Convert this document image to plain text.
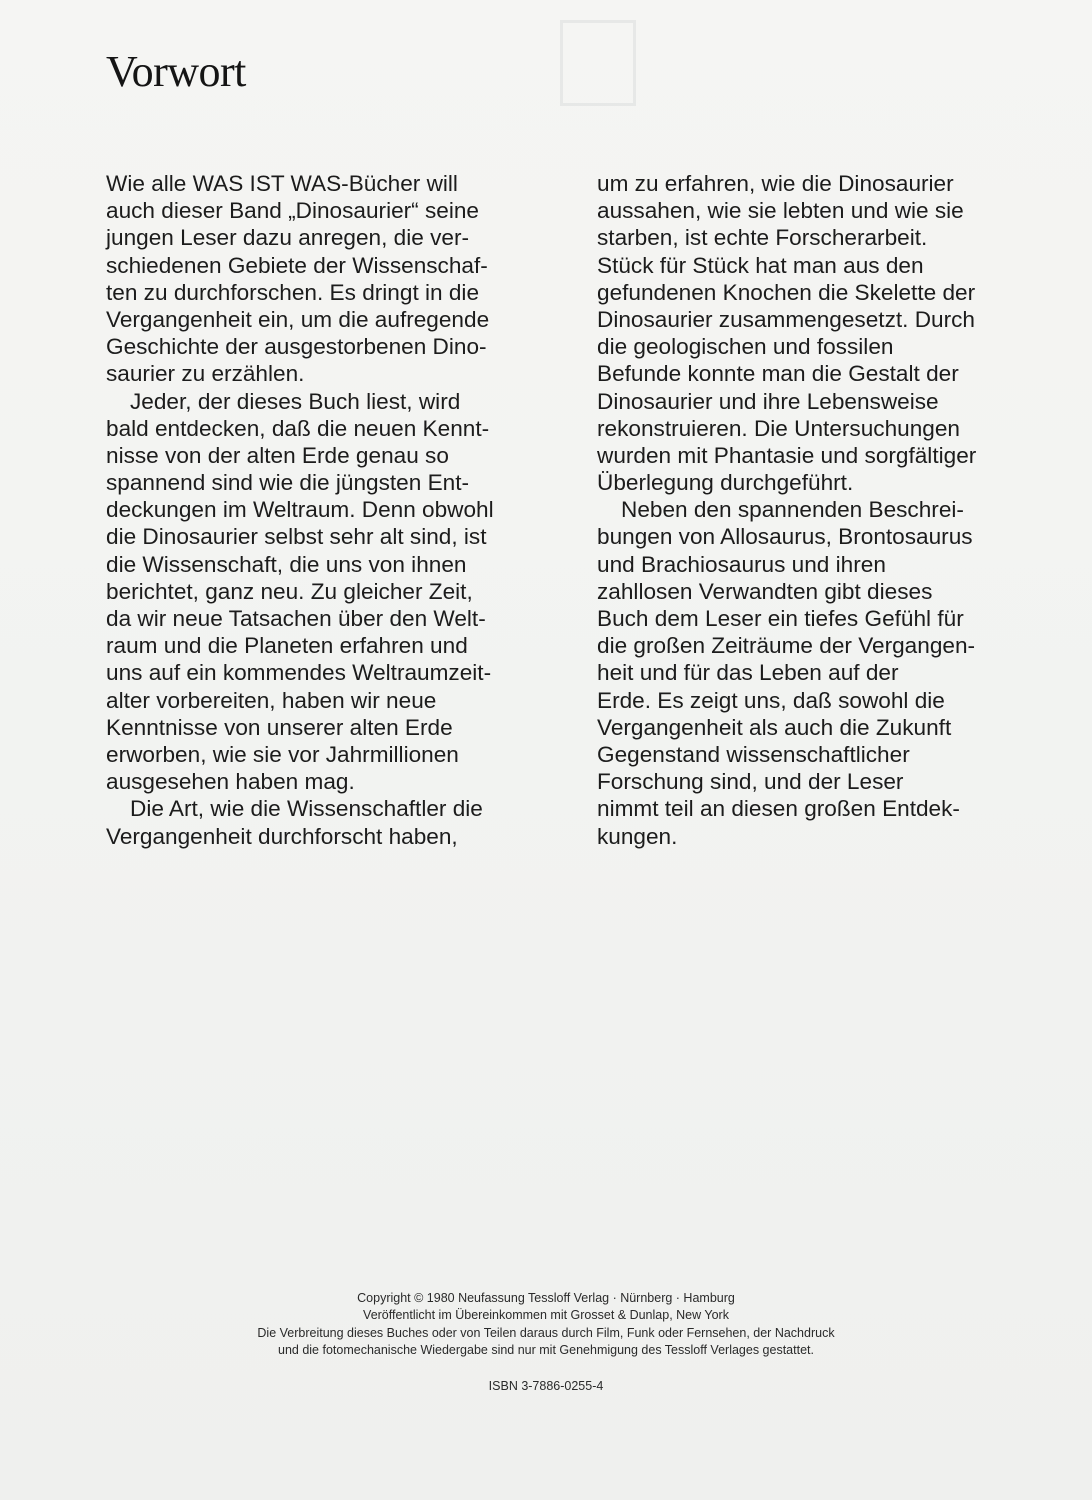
Vorwort
Wie alle WAS IST WAS-Bücher will
auch dieser Band „Dinosaurier“ seine
jungen Leser dazu anregen, die ver-
schiedenen Gebiete der Wissenschaf-
ten zu durchforschen. Es dringt in die
Vergangenheit ein, um die aufregende
Geschichte der ausgestorbenen Dino-
saurier zu erzählen.
Jeder, der dieses Buch liest, wird
bald entdecken, daß die neuen Kennt-
nisse von der alten Erde genau so
spannend sind wie die jüngsten Ent-
deckungen im Weltraum. Denn obwohl
die Dinosaurier selbst sehr alt sind, ist
die Wissenschaft, die uns von ihnen
berichtet, ganz neu. Zu gleicher Zeit,
da wir neue Tatsachen über den Welt-
raum und die Planeten erfahren und
uns auf ein kommendes Weltraumzeit-
alter vorbereiten, haben wir neue
Kenntnisse von unserer alten Erde
erworben, wie sie vor Jahrmillionen
ausgesehen haben mag.
Die Art, wie die Wissenschaftler die
Vergangenheit durchforscht haben,
um zu erfahren, wie die Dinosaurier
aussahen, wie sie lebten und wie sie
starben, ist echte Forscherarbeit.
Stück für Stück hat man aus den
gefundenen Knochen die Skelette der
Dinosaurier zusammengesetzt. Durch
die geologischen und fossilen
Befunde konnte man die Gestalt der
Dinosaurier und ihre Lebensweise
rekonstruieren. Die Untersuchungen
wurden mit Phantasie und sorgfältiger
Überlegung durchgeführt.
Neben den spannenden Beschrei-
bungen von Allosaurus, Brontosaurus
und Brachiosaurus und ihren
zahllosen Verwandten gibt dieses
Buch dem Leser ein tiefes Gefühl für
die großen Zeiträume der Vergangen-
heit und für das Leben auf der
Erde. Es zeigt uns, daß sowohl die
Vergangenheit als auch die Zukunft
Gegenstand wissenschaftlicher
Forschung sind, und der Leser
nimmt teil an diesen großen Entdek-
kungen.
Copyright © 1980 Neufassung Tessloff Verlag · Nürnberg · Hamburg
Veröffentlicht im Übereinkommen mit Grosset & Dunlap, New York
Die Verbreitung dieses Buches oder von Teilen daraus durch Film, Funk oder Fernsehen, der Nachdruck
und die fotomechanische Wiedergabe sind nur mit Genehmigung des Tessloff Verlages gestattet.
ISBN 3-7886-0255-4
